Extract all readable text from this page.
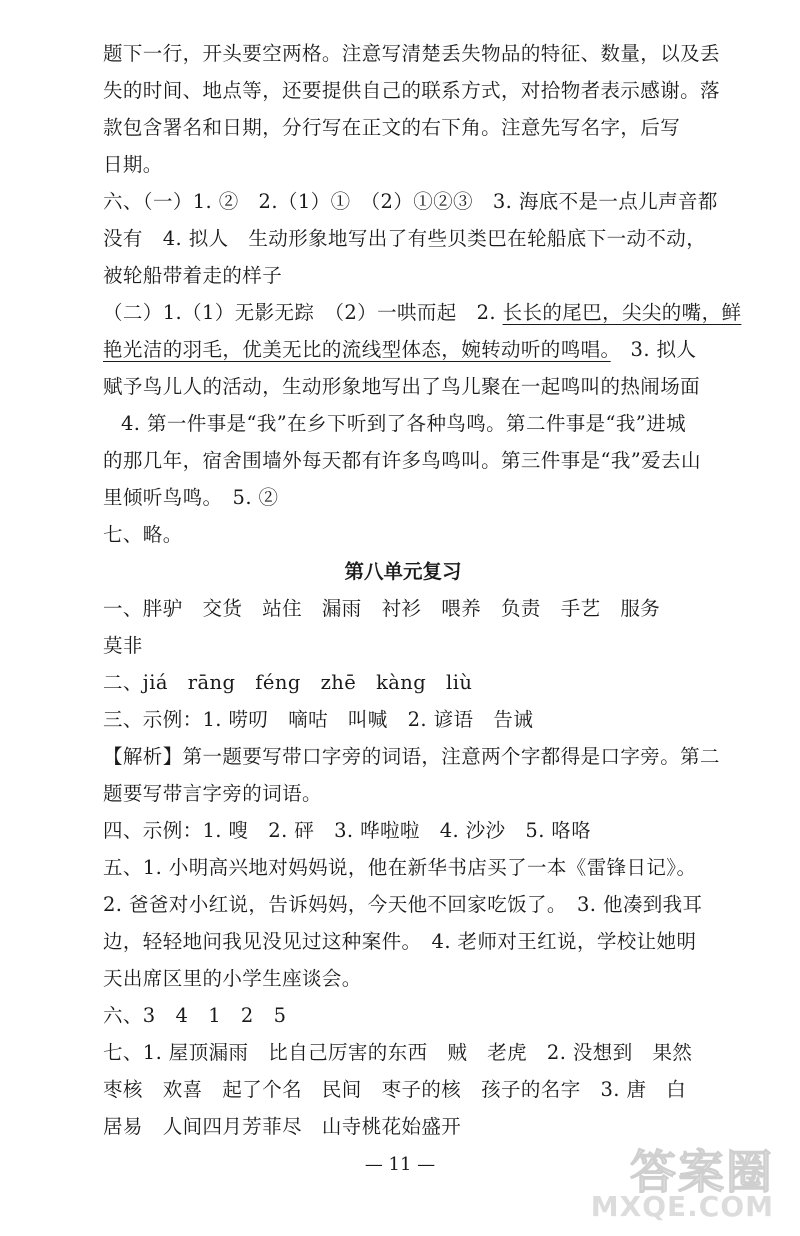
题下一行，开头要空两格。注意写清楚丢失物品的特征、数量，以及丢
失的时间、地点等，还要提供自己的联系方式，对拾物者表示感谢。落
款包含署名和日期，分行写在正文的右下角。注意先写名字，后写
日期。
六、（一）1. ②　2.（1）①　（2）①②③　3. 海底不是一点儿声音都
没有　4. 拟人　生动形象地写出了有些贝类巴在轮船底下一动不动，
被轮船带着走的样子
（二）1.（1）无影无踪　（2）一哄而起　2. 长长的尾巴，尖尖的嘴，鲜
艳光洁的羽毛，优美无比的流线型体态，婉转动听的鸣唱。　3. 拟人
赋予鸟儿人的活动，生动形象地写出了鸟儿聚在一起鸣叫的热闹场面
4. 第一件事是“我”在乡下听到了各种鸟鸣。第二件事是“我”进城
的那几年，宿舍围墙外每天都有许多鸟鸣叫。第三件事是“我”爱去山
里倾听鸟鸣。　5. ②
七、略。
第八单元复习
一、胖驴　交货　站住　漏雨　衬衫　喂养　负责　手艺　服务
莫非
二、jiá　rāng　féng　zhē　kàng　liù
三、示例：1. 唠叨　嘀咕　叫喊　2. 谚语　告诫
【解析】第一题要写带口字旁的词语，注意两个字都得是口字旁。第二
题要写带言字旁的词语。
四、示例：1. 嗖　2. 砰　3. 哗啦啦　4. 沙沙　5. 咯咯
五、1. 小明高兴地对妈妈说，他在新华书店买了一本《雷锋日记》。
2. 爸爸对小红说，告诉妈妈，今天他不回家吃饭了。　3. 他凑到我耳
边，轻轻地问我见没见过这种案件。　4. 老师对王红说，学校让她明
天出席区里的小学生座谈会。
六、3　4　1　2　5
七、1. 屋顶漏雨　比自己厉害的东西　贼　老虎　2. 没想到　果然
枣核　欢喜　起了个名　民间　枣子的核　孩子的名字　3. 唐　白
居易　人间四月芳菲尽　山寺桃花始盛开
答案圈
MXQE.COM
— 11 —
